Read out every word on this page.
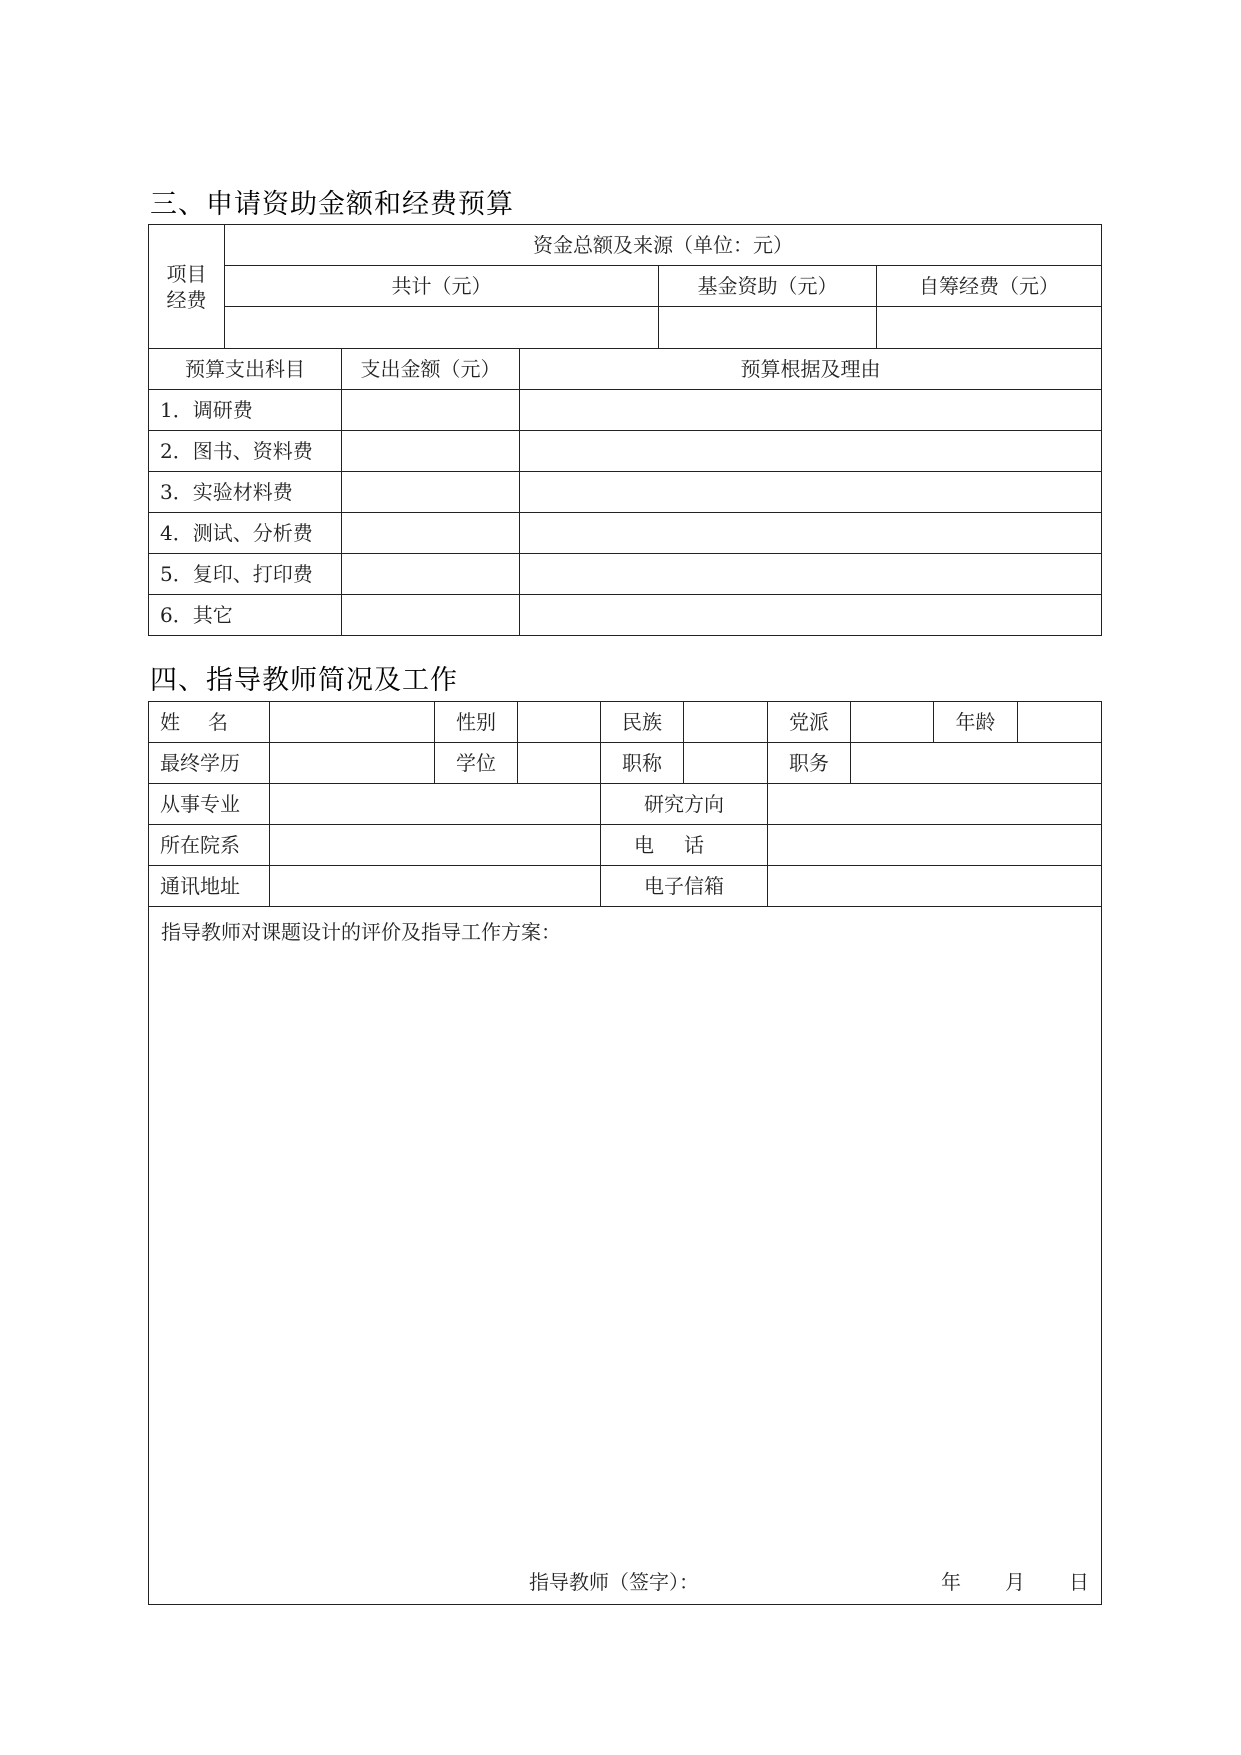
三、申请资助金额和经费预算
项目经费	资金总额及来源（单位：元）				
	共计（元）			基金资助（元）	自筹经费（元）

预算支出科目		支出金额（元）	预算根据及理由		
1．调研费					
2．图书、资料费					
3．实验材料费					
4．测试、分析费					
5．复印、打印费					
6．其它					
四、指导教师简况及工作
姓名		性别		民族		党派		年龄	
最终学历		学位		职称		职务			
从事专业				研究方向					
所在院系				电话					
通讯地址				电子信箱					

指导教师对课题设计的评价及指导工作方案：
指导教师（签字）： 年 月 日									
